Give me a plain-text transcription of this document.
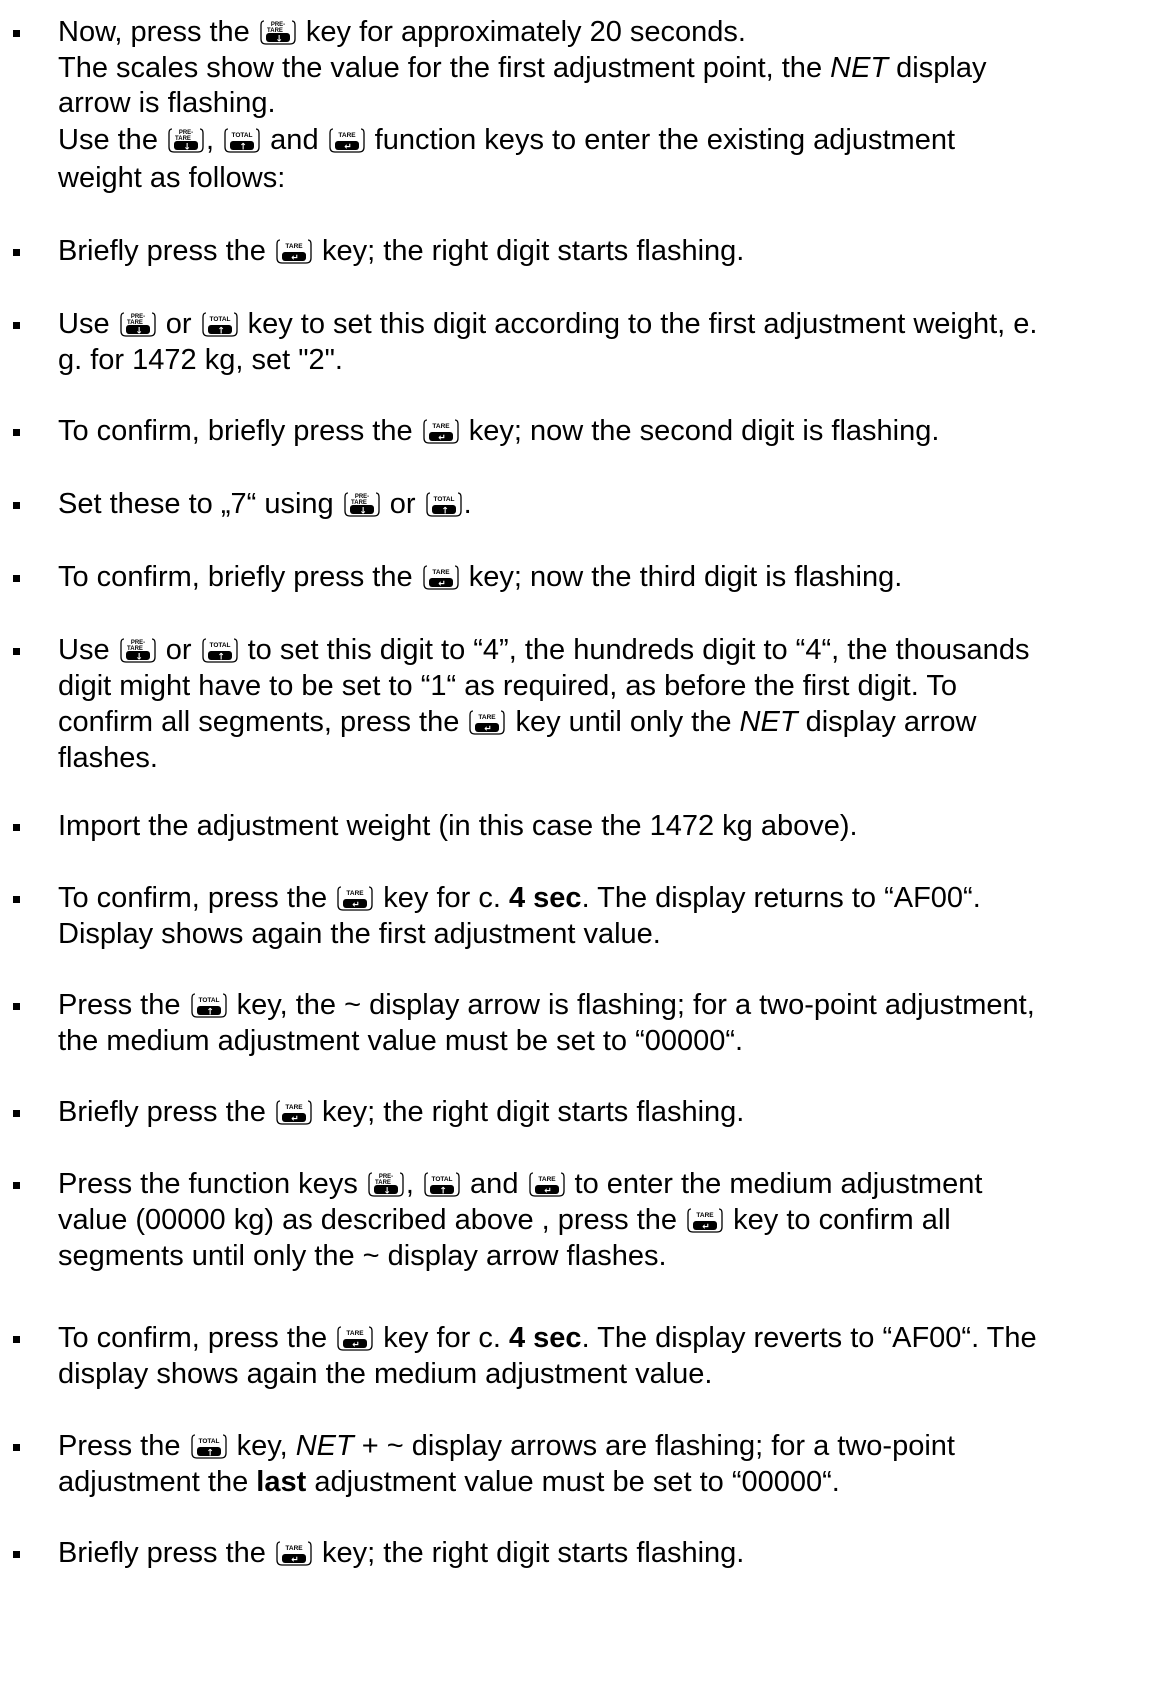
Now, press the PRE-
TARE
↓ key for approximately 20 seconds.

The scales show the value for the first adjustment point, the NET display

arrow is flashing.

Use the PRE-
TARE
↓ , TOTAL
↑ and TARE
↵ function keys to enter the existing adjustment

weight as follows:

Briefly press the TARE
↵ key; the right digit starts flashing.

Use PRE-
TARE
↓ or TOTAL
↑ key to set this digit according to the first adjustment weight, e.

g. for 1472 kg, set "2".

To confirm, briefly press the TARE
↵ key; now the second digit is flashing.

Set these to „7“ using PRE-
TARE
↓ or TOTAL
↑ .

To confirm, briefly press the TARE
↵ key; now the third digit is flashing.

Use PRE-
TARE
↓ or TOTAL
↑ to set this digit to “4”, the hundreds digit to “4“, the thousands

digit might have to be set to “1“ as required, as before the first digit. To

confirm all segments, press the TARE
↵ key until only the NET display arrow

flashes.

Import the adjustment weight (in this case the 1472 kg above).

To confirm, press the TARE
↵ key for c. 4 sec. The display returns to “AF00“.

Display shows again the first adjustment value.

Press the TOTAL
↑ key, the ~ display arrow is flashing; for a two-point adjustment,

the medium adjustment value must be set to “00000“.

Briefly press the TARE
↵ key; the right digit starts flashing.

Press the function keys PRE-
TARE
↓ , TOTAL
↑ and TARE
↵ to enter the medium adjustment

value (00000 kg) as described above , press the TARE
↵ key to confirm all

segments until only the ~ display arrow flashes.

To confirm, press the TARE
↵ key for c. 4 sec. The display reverts to “AF00“. The

display shows again the medium adjustment value.

Press the TOTAL
↑ key, NET + ~ display arrows are flashing; for a two-point

adjustment the last adjustment value must be set to “00000“.

Briefly press the TARE
↵ key; the right digit starts flashing.
